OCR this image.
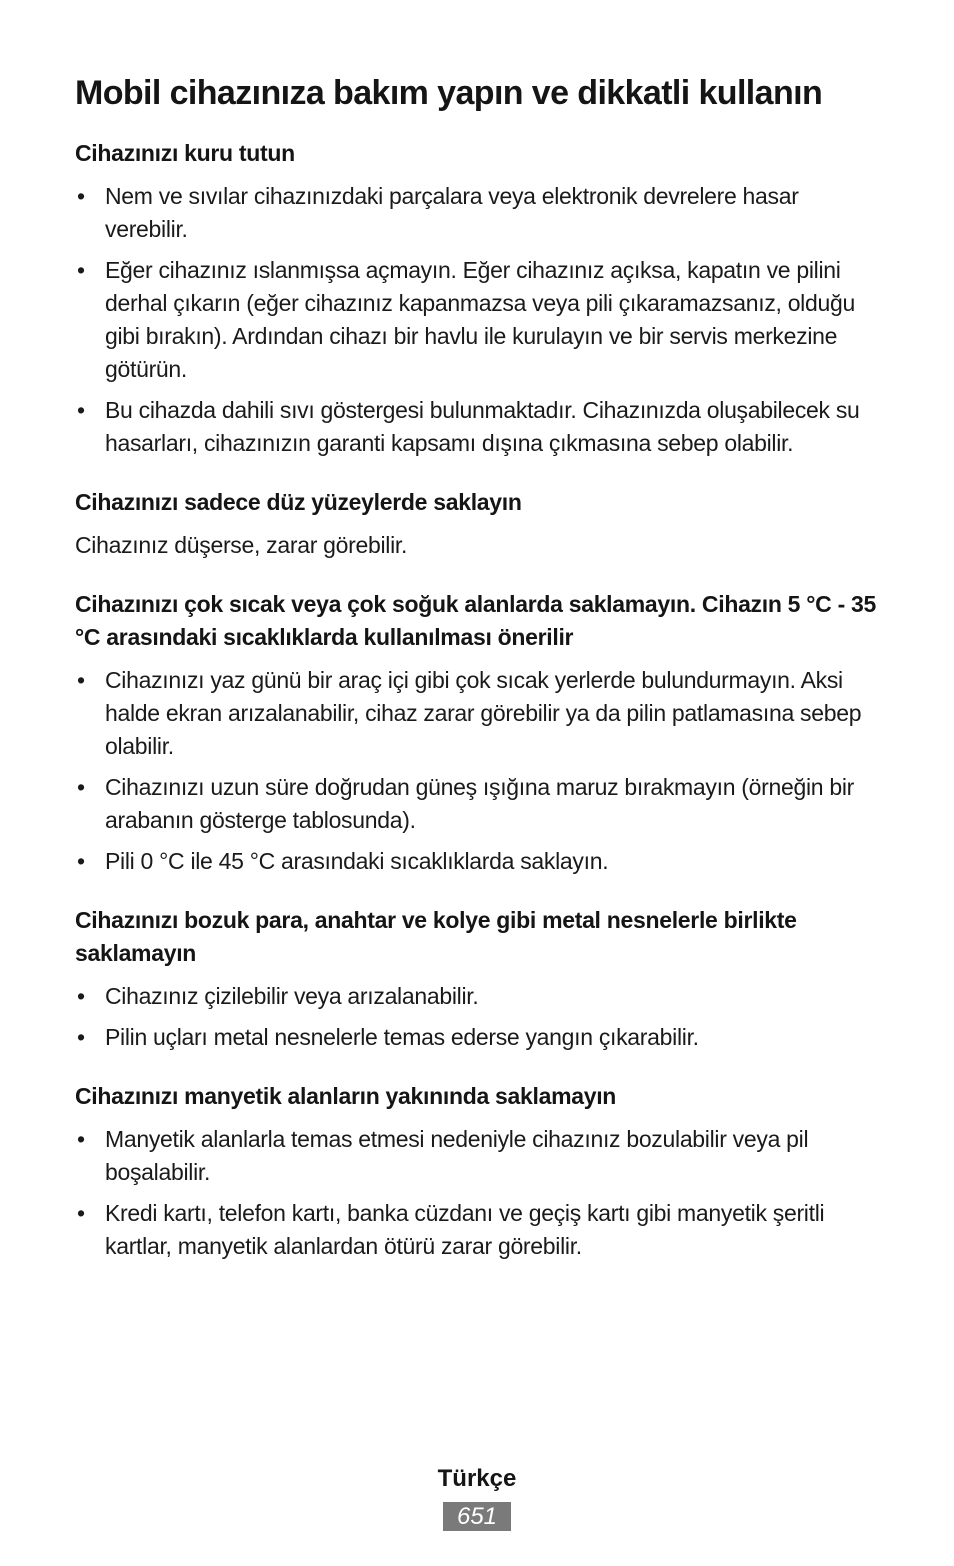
Mobil cihazınıza bakım yapın ve dikkatli kullanın
Cihazınızı kuru tutun
• Nem ve sıvılar cihazınızdaki parçalara veya elektronik devrelere hasar verebilir.
• Eğer cihazınız ıslanmışsa açmayın. Eğer cihazınız açıksa, kapatın ve pilini derhal çıkarın (eğer cihazınız kapanmazsa veya pili çıkaramazsanız, olduğu gibi bırakın). Ardından cihazı bir havlu ile kurulayın ve bir servis merkezine götürün.
• Bu cihazda dahili sıvı göstergesi bulunmaktadır. Cihazınızda oluşabilecek su hasarları, cihazınızın garanti kapsamı dışına çıkmasına sebep olabilir.
Cihazınızı sadece düz yüzeylerde saklayın

Cihazınız düşerse, zarar görebilir.

Cihazınızı çok sıcak veya çok soğuk alanlarda saklamayın. Cihazın 5 °C - 35 °C arasındaki sıcaklıklarda kullanılması önerilir
• Cihazınızı yaz günü bir araç içi gibi çok sıcak yerlerde bulundurmayın. Aksi halde ekran arızalanabilir, cihaz zarar görebilir ya da pilin patlamasına sebep olabilir.
• Cihazınızı uzun süre doğrudan güneş ışığına maruz bırakmayın (örneğin bir arabanın gösterge tablosunda).
• Pili 0 °C ile 45 °C arasındaki sıcaklıklarda saklayın.
Cihazınızı bozuk para, anahtar ve kolye gibi metal nesnelerle birlikte saklamayın
• Cihazınız çizilebilir veya arızalanabilir.
• Pilin uçları metal nesnelerle temas ederse yangın çıkarabilir.
Cihazınızı manyetik alanların yakınında saklamayın
• Manyetik alanlarla temas etmesi nedeniyle cihazınız bozulabilir veya pil boşalabilir.
• Kredi kartı, telefon kartı, banka cüzdanı ve geçiş kartı gibi manyetik şeritli kartlar, manyetik alanlardan ötürü zarar görebilir.
Türkçe
651
